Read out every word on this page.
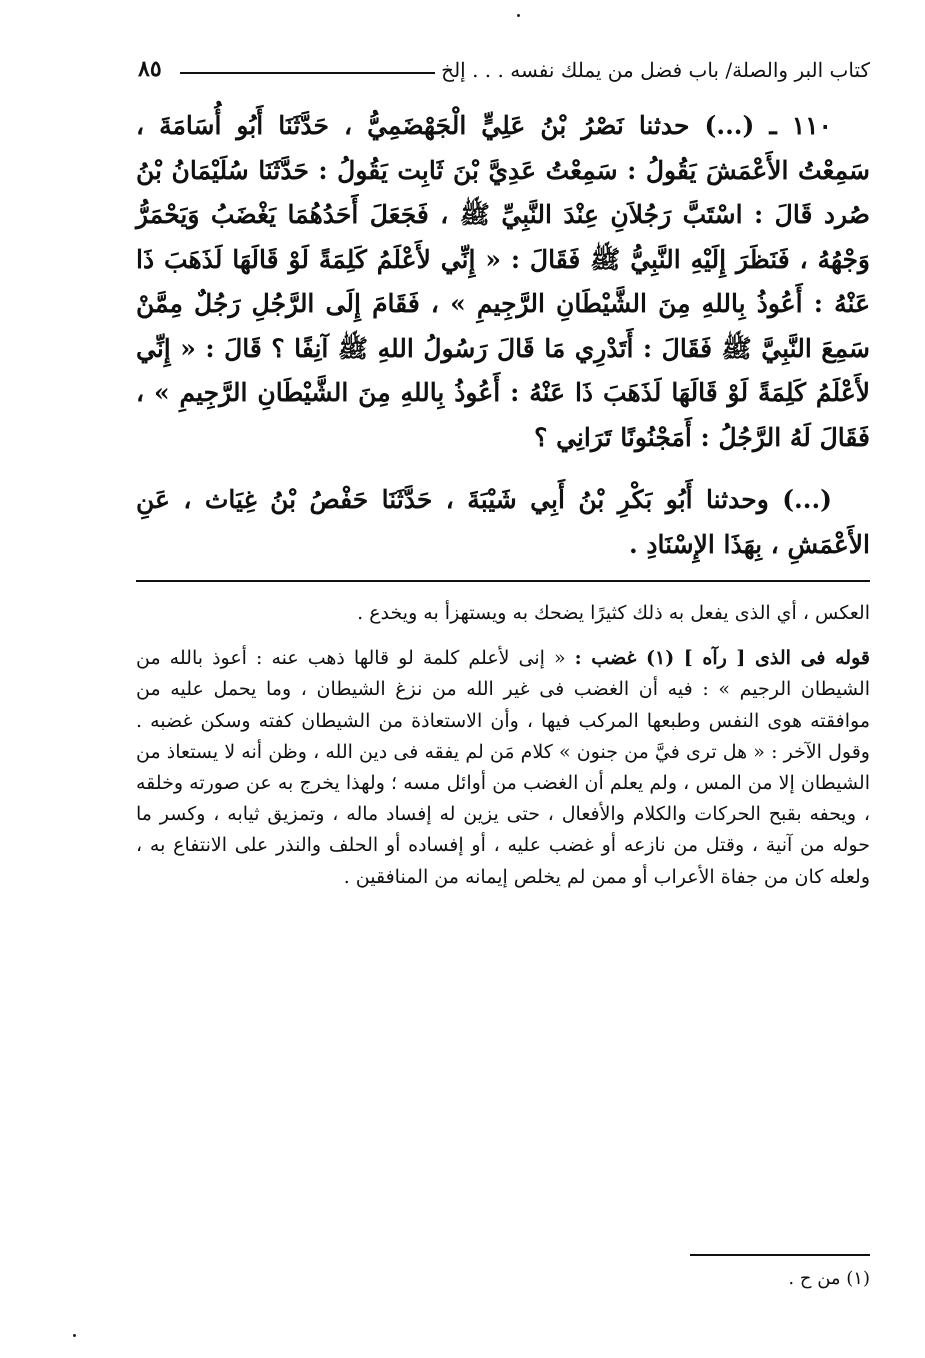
كتاب البر والصلة/ باب فضل من يملك نفسه . . . إلخ
٨٥

١١٠ ـ (...) حدثنا نَصْرُ بْنُ عَلِيٍّ الْجَهْضَمِيُّ ، حَدَّثَنَا أَبُو أُسَامَةَ ، سَمِعْتُ الأَعْمَشَ يَقُولُ : سَمِعْتُ عَدِيَّ بْنَ ثَابِت يَقُولُ : حَدَّثَنَا سُلَيْمَانُ بْنُ صُرد قَالَ : اسْتَبَّ رَجُلاَنِ عِنْدَ النَّبِيِّ ﷺ ، فَجَعَلَ أَحَدُهُمَا يَغْضَبُ وَيَحْمَرُّ وَجْهُهُ ، فَنَظَرَ إِلَيْهِ النَّبِيُّ ﷺ فَقَالَ : « إِنِّي لأَعْلَمُ كَلِمَةً لَوْ قَالَهَا لَذَهَبَ ذَا عَنْهُ : أَعُوذُ بِاللهِ مِنَ الشَّيْطَانِ الرَّجِيمِ » ، فَقَامَ إِلَى الرَّجُلِ رَجُلٌ مِمَّنْ سَمِعَ النَّبِيَّ ﷺ فَقَالَ : أَتَدْرِي مَا قَالَ رَسُولُ اللهِ ﷺ آنِفًا ؟ قَالَ : « إِنِّي لأَعْلَمُ كَلِمَةً لَوْ قَالَهَا لَذَهَبَ ذَا عَنْهُ : أَعُوذُ بِاللهِ مِنَ الشَّيْطَانِ الرَّجِيمِ » ، فَقَالَ لَهُ الرَّجُلُ : أَمَجْنُونًا تَرَانِي ؟

(...) وحدثنا أَبُو بَكْرِ بْنُ أَبِي شَيْبَةَ ، حَدَّثَنَا حَفْصُ بْنُ غِيَاث ، عَنِ الأَعْمَشِ ، بِهَذَا الإِسْنَادِ .

العكس ، أي الذى يفعل به ذلك كثيرًا يضحك به ويستهزأ به ويخدع .

قوله فى الذى [ رآه ] (١) غضب : « إنى لأعلم كلمة لو قالها ذهب عنه : أعوذ بالله من الشيطان الرجيم » : فيه أن الغضب فى غير الله من نزغ الشيطان ، وما يحمل عليه من موافقته هوى النفس وطبعها المركب فيها ، وأن الاستعاذة من الشيطان كفته وسكن غضبه . وقول الآخر : « هل ترى فيَّ من جنون » كلام مَن لم يفقه فى دين الله ، وظن أنه لا يستعاذ من الشيطان إلا من المس ، ولم يعلم أن الغضب من أوائل مسه ؛ ولهذا يخرج به عن صورته وخلقه ، ويحفه بقبح الحركات والكلام والأفعال ، حتى يزين له إفساد ماله ، وتمزيق ثيابه ، وكسر ما حوله من آنية ، وقتل من نازعه أو غضب عليه ، أو إفساده أو الحلف والنذر على الانتفاع به ، ولعله كان من جفاة الأعراب أو ممن لم يخلص إيمانه من المنافقين .

(١) من ح .
